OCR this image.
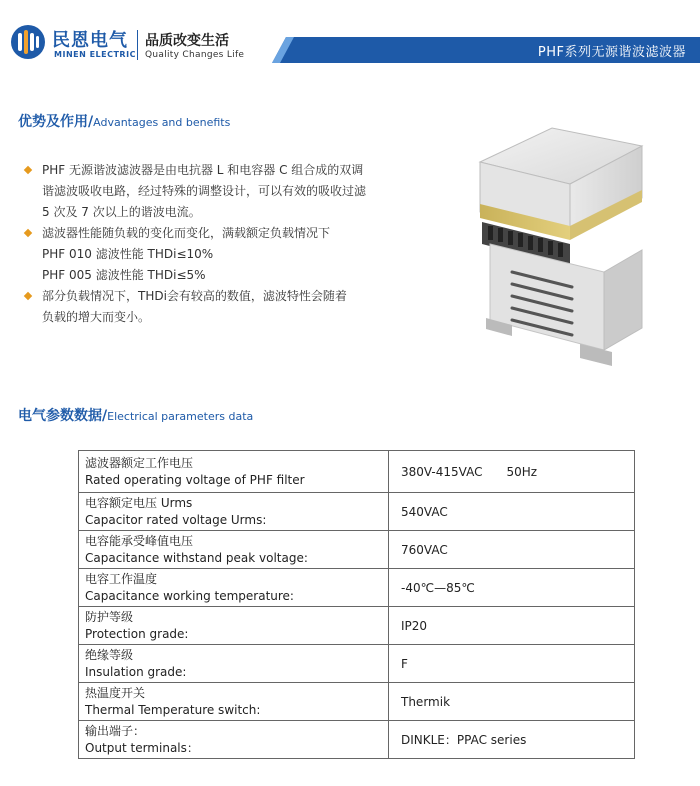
民恩电气
MINEN ELECTRIC
品质改变生活
Quality Changes Life	PHF系列无源谐波滤波器
优势及作用/Advantages and benefits
PHF 无源谐波滤波器是由电抗器 L 和电容器 C 组合成的双调
谐滤波吸收电路，经过特殊的调整设计，可以有效的吸收过滤
5 次及 7 次以上的谐波电流。
滤波器性能随负载的变化而变化，满载额定负载情况下
PHF 010 滤波性能 THDi≤10%
PHF 005 滤波性能 THDi≤5%
部分负载情况下，THDi会有较高的数值，滤波特性会随着
负载的增大而变小。
电气参数数据/Electrical parameters data
滤波器额定工作电压
Rated operating voltage of PHF filter	380V-415VAC　　50Hz

电容额定电压 Urms
Capacitor rated voltage Urms:	540VAC

电容能承受峰值电压
Capacitance withstand peak voltage:	760VAC

电容工作温度
Capacitance working temperature:	-40℃—85℃

防护等级
Protection grade:	IP20

绝缘等级
Insulation grade:	F

热温度开关
Thermal Temperature switch:	Thermik

输出端子：
Output terminals：	DINKLE：PPAC series
